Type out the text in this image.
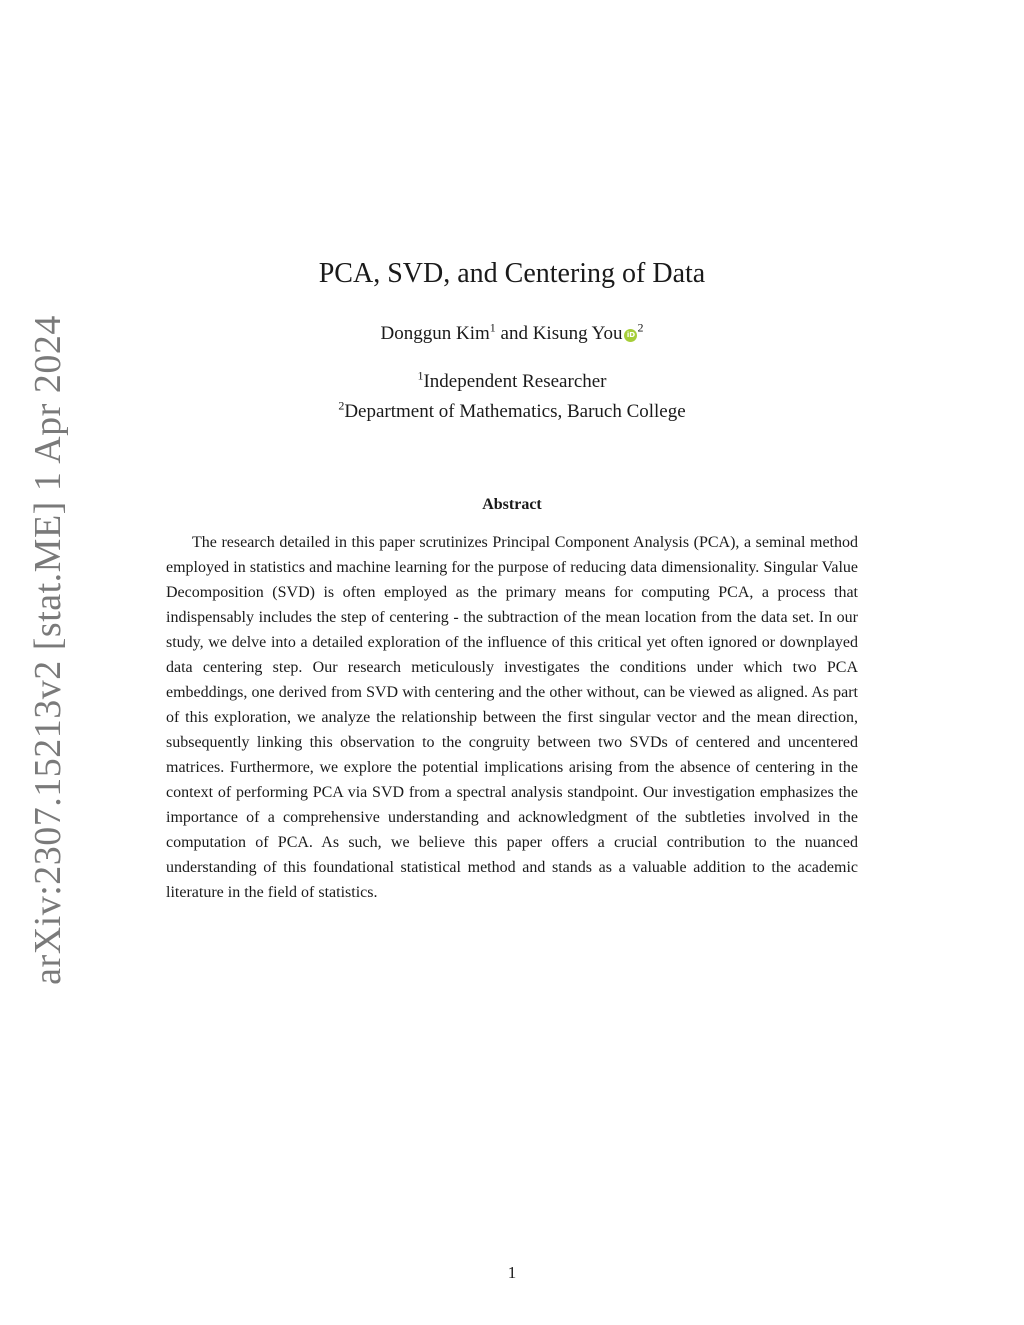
arXiv:2307.15213v2 [stat.ME] 1 Apr 2024
PCA, SVD, and Centering of Data
Donggun Kim$^1$ and Kisung You $iD^2$
$^1$Independent Researcher
$^2$Department of Mathematics, Baruch College
Abstract

The research detailed in this paper scrutinizes Principal Component Analysis (PCA), a seminal method employed in statistics and machine learning for the purpose of reducing data dimensionality. Singular Value Decomposition (SVD) is often employed as the primary means for computing PCA, a process that indispensably includes the step of centering - the subtraction of the mean location from the data set. In our study, we delve into a detailed exploration of the influence of this critical yet often ignored or downplayed data centering step. Our research meticulously investigates the conditions under which two PCA embeddings, one derived from SVD with centering and the other without, can be viewed as aligned. As part of this exploration, we analyze the relationship between the first singular vector and the mean direction, subsequently linking this observation to the congruity between two SVDs of centered and uncentered matrices. Furthermore, we explore the potential implications arising from the absence of centering in the context of performing PCA via SVD from a spectral analysis standpoint. Our investigation emphasizes the importance of a comprehensive understanding and acknowledgment of the subtleties involved in the computation of PCA. As such, we believe this paper offers a crucial contribution to the nuanced understanding of this foundational statistical method and stands as a valuable addition to the academic literature in the field of statistics.

1
